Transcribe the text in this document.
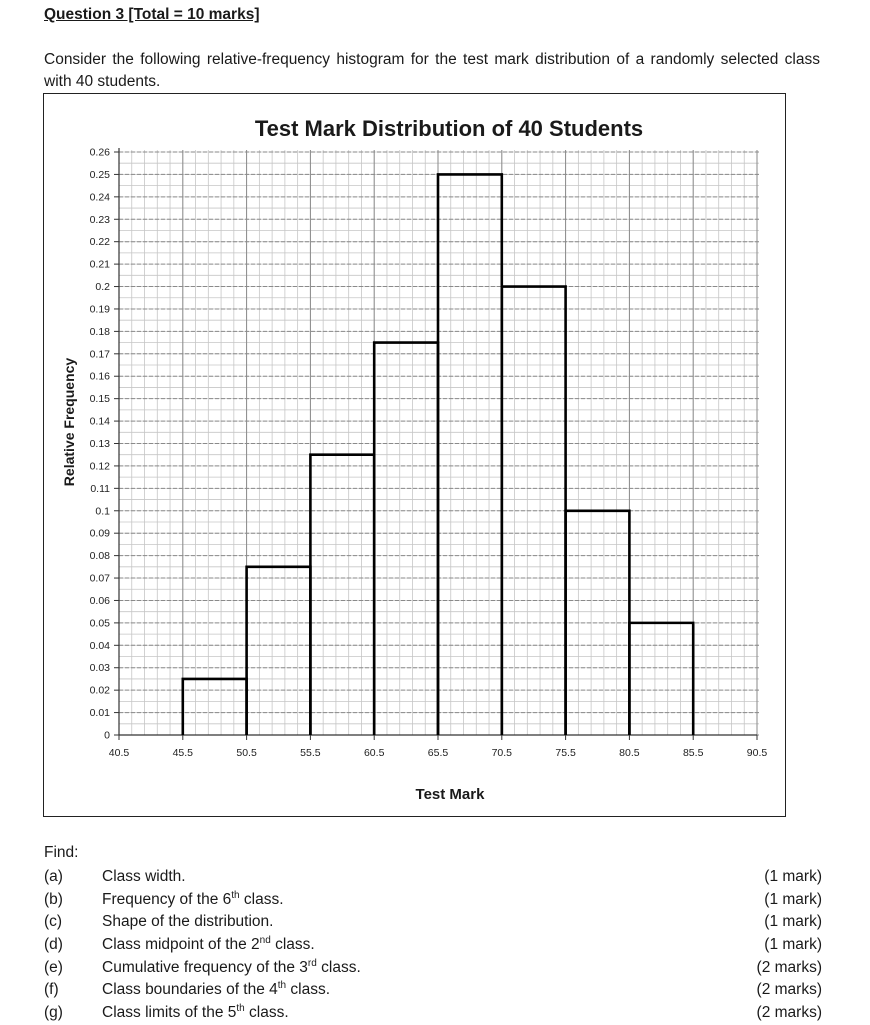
Question 3 [Total = 10 marks]
Consider the following relative-frequency histogram for the test mark distribution of a randomly selected class with 40 students.
0
0.01
0.02
0.03
0.04
0.05
0.06
0.07
0.08
0.09
0.1
0.11
0.12
0.13
0.14
0.15
0.16
0.17
0.18
0.19
0.2
0.21
0.22
0.23
0.24
0.25
0.26
40.5	45.5	50.5	55.5	60.5	65.5	70.5	75.5	80.5	85.5	90.5
Test Mark Distribution of 40 Students
Test Mark
Relative Frequency
Find:
(a)	Class width.	(1 mark)
(b)	Frequency of the 6th class.	(1 mark)
(c)	Shape of the distribution.	(1 mark)
(d)	Class midpoint of the 2nd class.	(1 mark)
(e)	Cumulative frequency of the 3rd class.	(2 marks)
(f)	Class boundaries of the 4th class.	(2 marks)
(g)	Class limits of the 5th class.	(2 marks)
